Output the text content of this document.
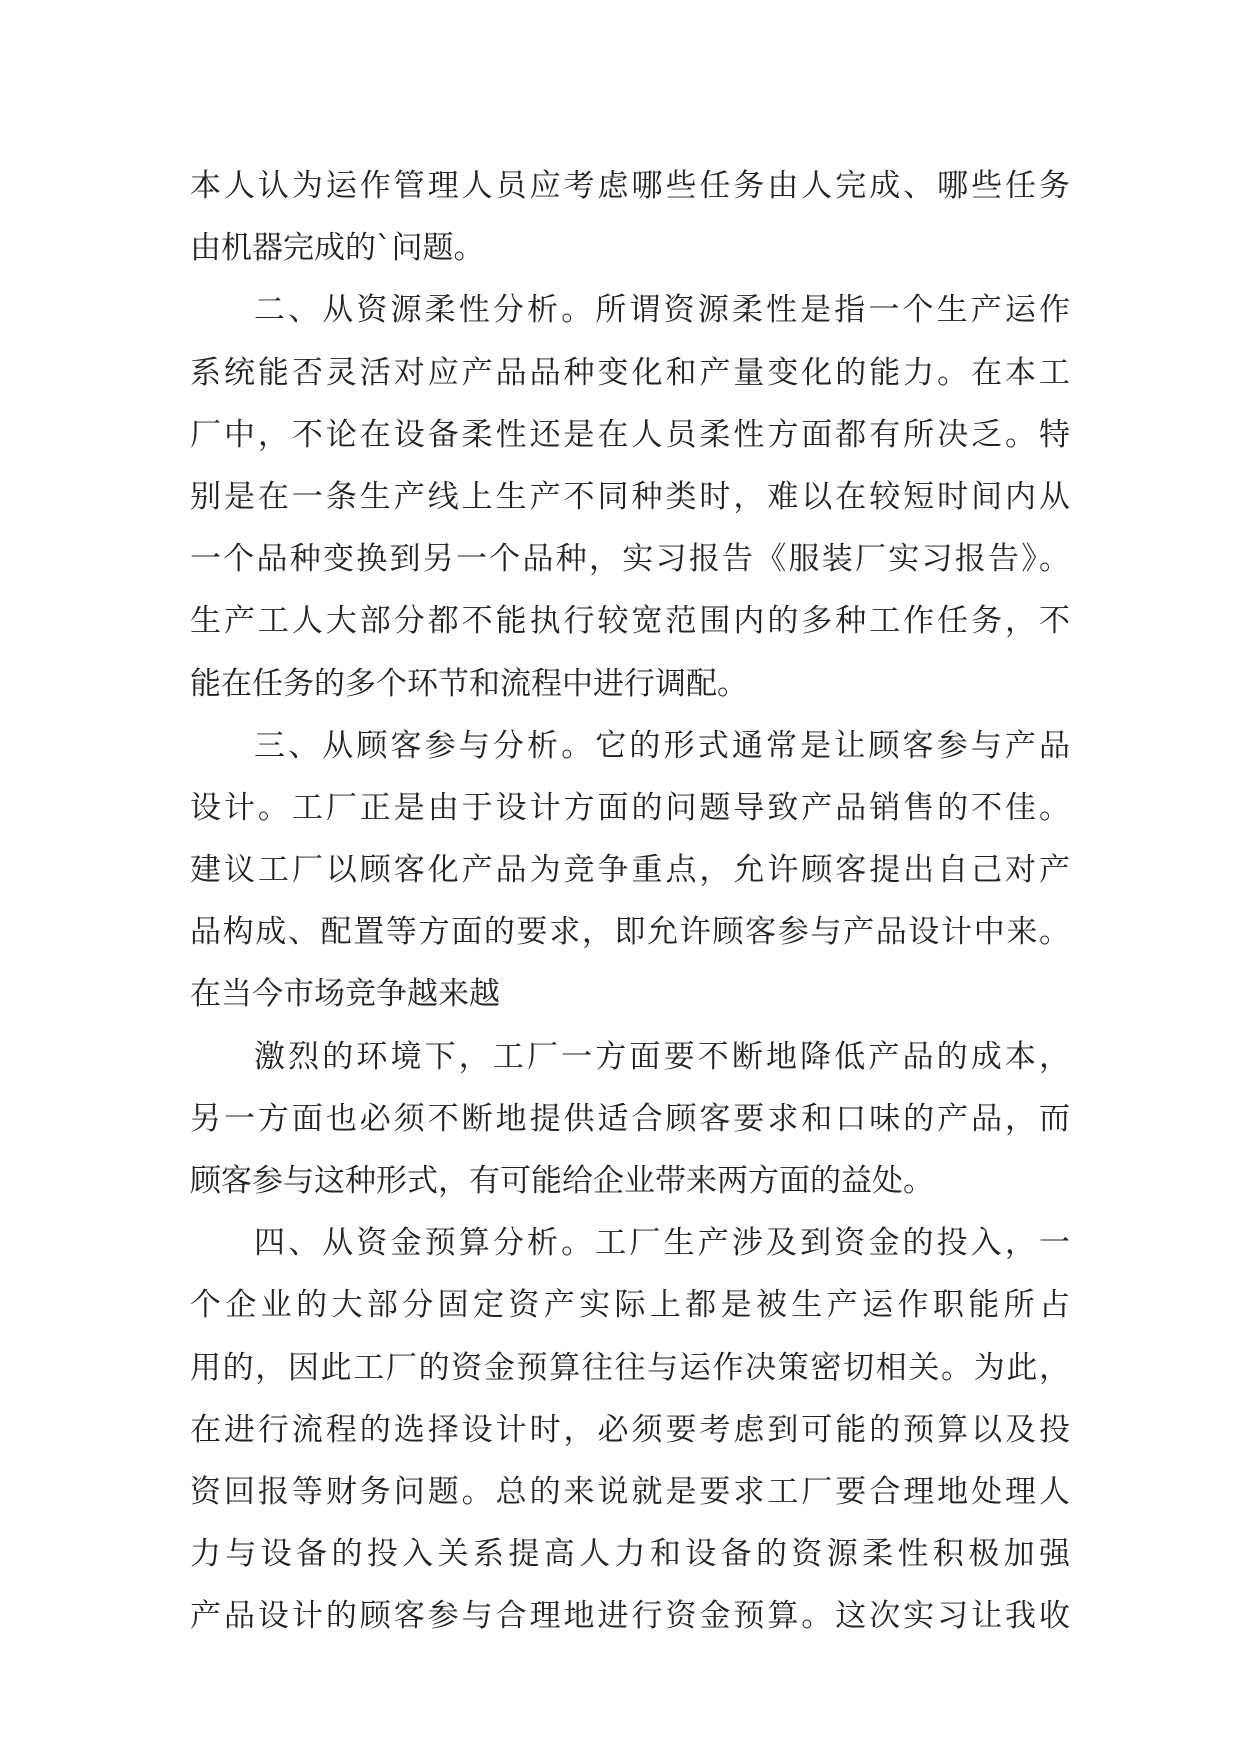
本人认为运作管理人员应考虑哪些任务由人完成、哪些任务
由机器完成的`问题。
二、从资源柔性分析。所谓资源柔性是指一个生产运作
系统能否灵活对应产品品种变化和产量变化的能力。在本工
厂中，不论在设备柔性还是在人员柔性方面都有所决乏。特
别是在一条生产线上生产不同种类时，难以在较短时间内从
一个品种变换到另一个品种，实习报告《服装厂实习报告》。
生产工人大部分都不能执行较宽范围内的多种工作任务，不
能在任务的多个环节和流程中进行调配。
三、从顾客参与分析。它的形式通常是让顾客参与产品
设计。工厂正是由于设计方面的问题导致产品销售的不佳。
建议工厂以顾客化产品为竞争重点，允许顾客提出自己对产
品构成、配置等方面的要求，即允许顾客参与产品设计中来。
在当今市场竞争越来越
激烈的环境下，工厂一方面要不断地降低产品的成本，
另一方面也必须不断地提供适合顾客要求和口味的产品，而
顾客参与这种形式，有可能给企业带来两方面的益处。
四、从资金预算分析。工厂生产涉及到资金的投入，一
个企业的大部分固定资产实际上都是被生产运作职能所占
用的，因此工厂的资金预算往往与运作决策密切相关。为此，
在进行流程的选择设计时，必须要考虑到可能的预算以及投
资回报等财务问题。总的来说就是要求工厂要合理地处理人
力与设备的投入关系提高人力和设备的资源柔性积极加强
产品设计的顾客参与合理地进行资金预算。这次实习让我收
